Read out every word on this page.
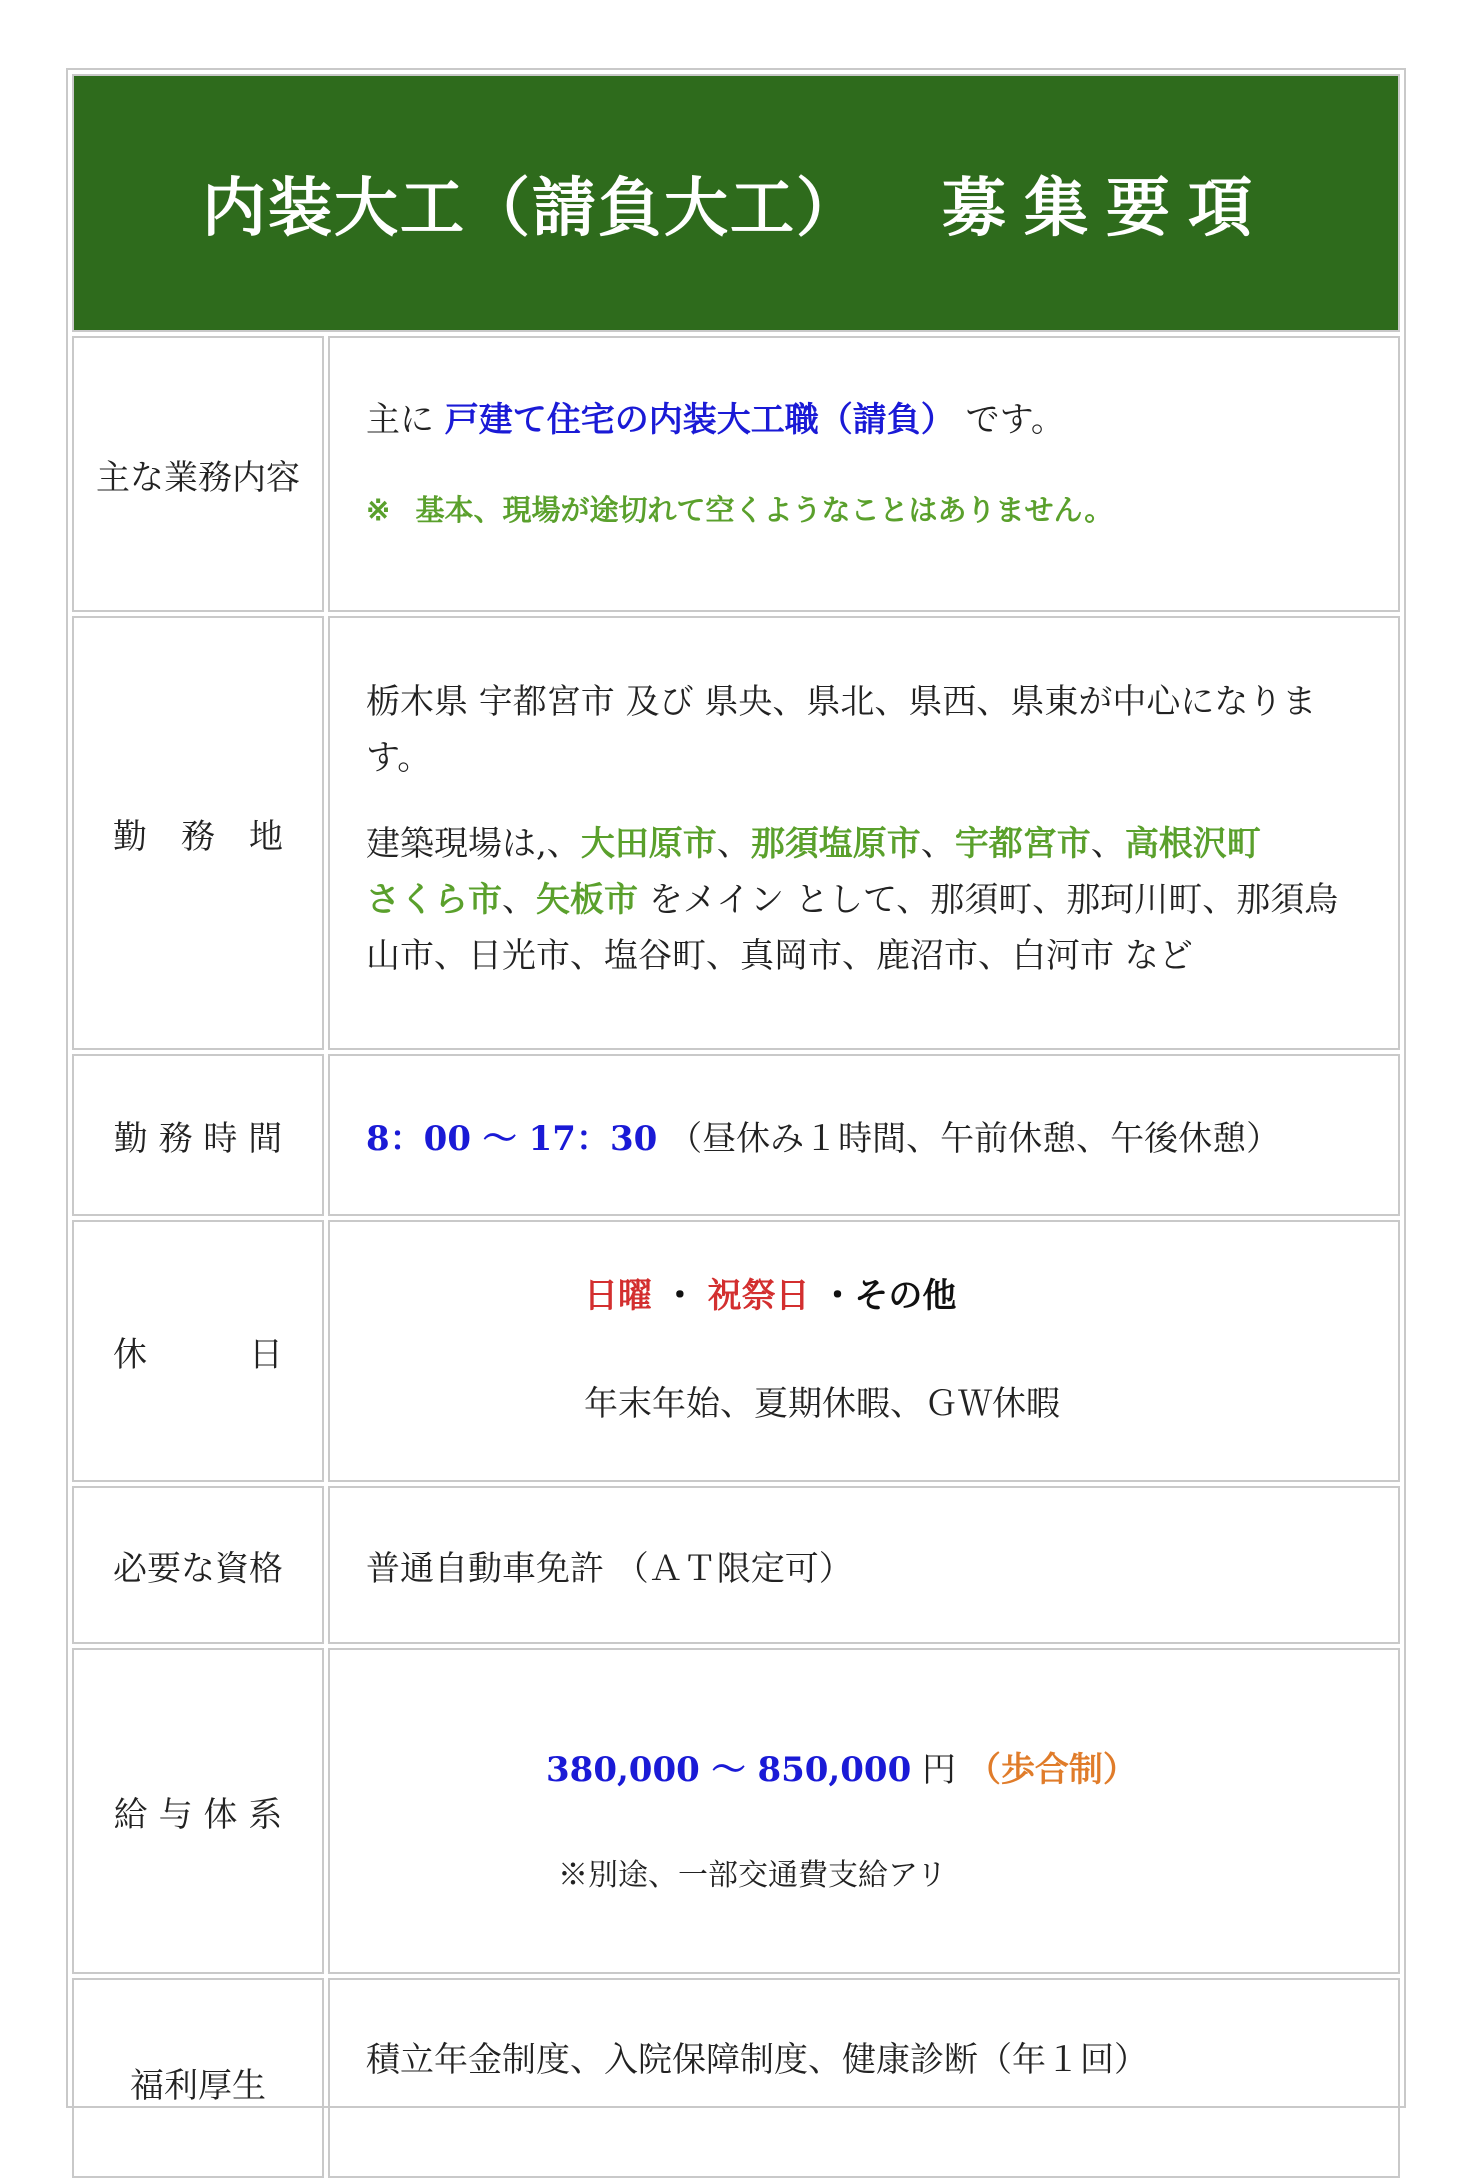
内装大工（請負大工） 募集要項
主な業務内容

主に 戸建て住宅の内装大工職（請負） です。

※ 基本、現場が途切れて空くようなことはありません。

勤　務　地

栃木県 宇都宮市 及び 県央、県北、県西、県東が中心になります。

建築現場は,、大田原市、那須塩原市、宇都宮市、高根沢町
さくら市、矢板市 をメイン として、那須町、那珂川町、那須烏山市、日光市、塩谷町、真岡市、鹿沼市、白河市 など

勤 務 時 間	8：00 〜 17：30 （昼休み１時間、午前休憩、午後休憩）

休　　　日

日曜 ・ 祝祭日 ・その他

年末年始、夏期休暇、ＧＷ休暇

必要な資格	普通自動車免許 （ＡＴ限定可）

給 与 体 系

380,000 〜 850,000 円 （歩合制）

※別途、一部交通費支給アリ

福利厚生

積立年金制度、入院保障制度、健康診断（年１回）
